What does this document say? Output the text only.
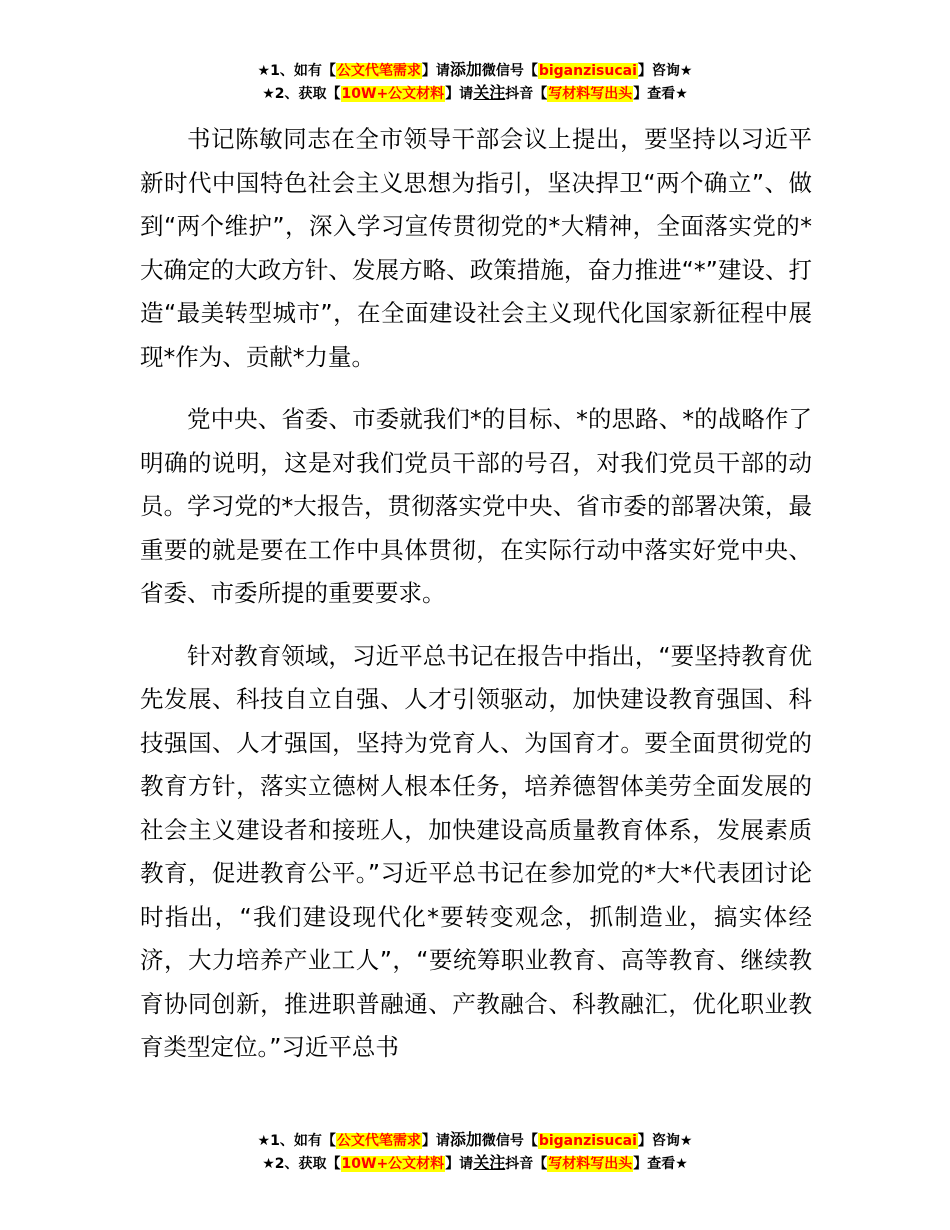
★1、如有【公文代笔需求】请添加微信号【biganzisucai】咨询★
★2、获取【10W+公文材料】请关注抖音【写材料写出头】查看★

书记陈敏同志在全市领导干部会议上提出，要坚持以习近平新时代中国特色社会主义思想为指引，坚决捍卫“两个确立”、做到“两个维护”，深入学习宣传贯彻党的*大精神，全面落实党的*大确定的大政方针、发展方略、政策措施，奋力推进“*”建设、打造“最美转型城市”，在全面建设社会主义现代化国家新征程中展现*作为、贡献*力量。

党中央、省委、市委就我们*的目标、*的思路、*的战略作了明确的说明，这是对我们党员干部的号召，对我们党员干部的动员。学习党的*大报告，贯彻落实党中央、省市委的部署决策，最重要的就是要在工作中具体贯彻，在实际行动中落实好党中央、省委、市委所提的重要要求。

针对教育领域，习近平总书记在报告中指出，“要坚持教育优先发展、科技自立自强、人才引领驱动，加快建设教育强国、科技强国、人才强国，坚持为党育人、为国育才。要全面贯彻党的教育方针，落实立德树人根本任务，培养德智体美劳全面发展的社会主义建设者和接班人，加快建设高质量教育体系，发展素质教育，促进教育公平。”习近平总书记在参加党的*大*代表团讨论时指出，“我们建设现代化*要转变观念，抓制造业，搞实体经济，大力培养产业工人”，“要统筹职业教育、高等教育、继续教育协同创新，推进职普融通、产教融合、科教融汇，优化职业教育类型定位。”习近平总书

★1、如有【公文代笔需求】请添加微信号【biganzisucai】咨询★
★2、获取【10W+公文材料】请关注抖音【写材料写出头】查看★
